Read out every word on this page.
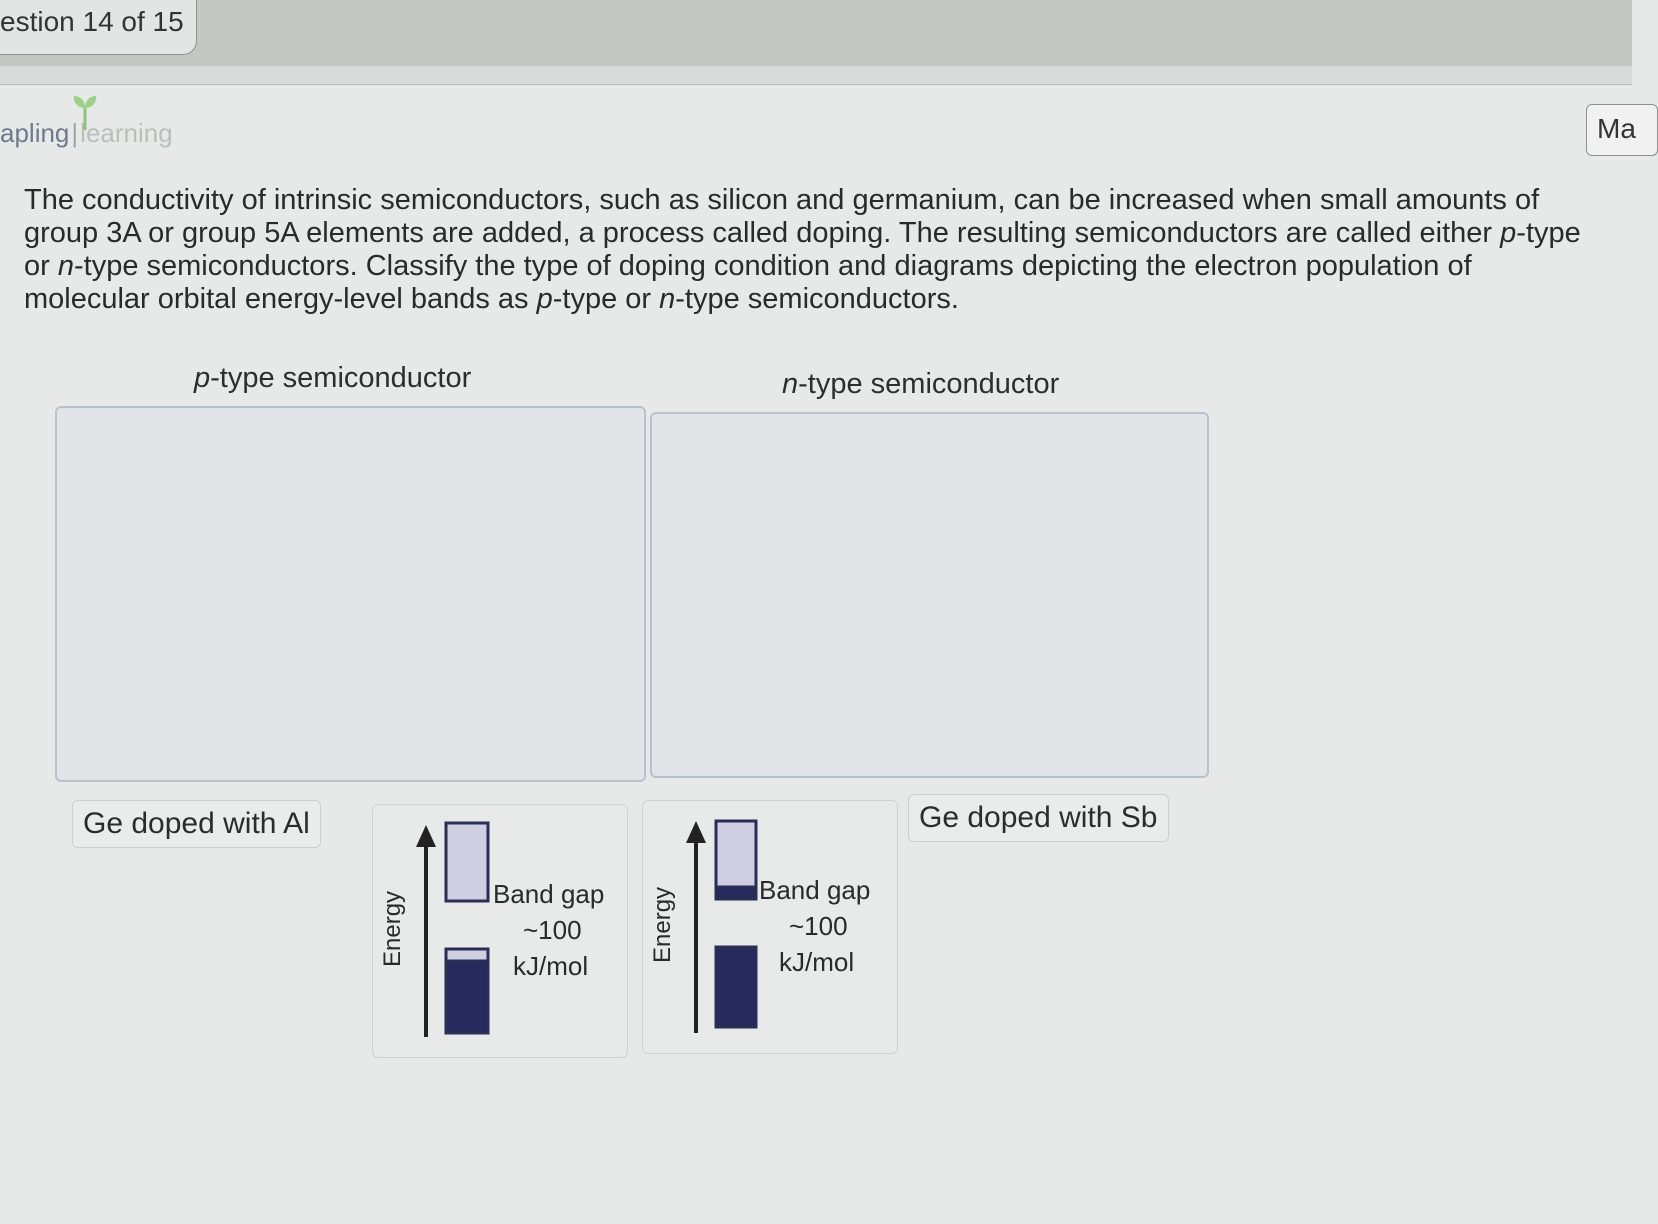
estion 14 of 15
apling|learning	Ma
The conductivity of intrinsic semiconductors, such as silicon and germanium, can be increased when small amounts of group 3A or group 5A elements are added, a process called doping. The resulting semiconductors are called either p-type or n-type semiconductors. Classify the type of doping condition and diagrams depicting the electron population of molecular orbital energy-level bands as p-type or n-type semiconductors.
p-type semiconductor	n-type semiconductor
Ge doped with Al	Ge doped with Sb
Energy	Band gap
~100
kJ/mol
Energy	Band gap
~100
kJ/mol
